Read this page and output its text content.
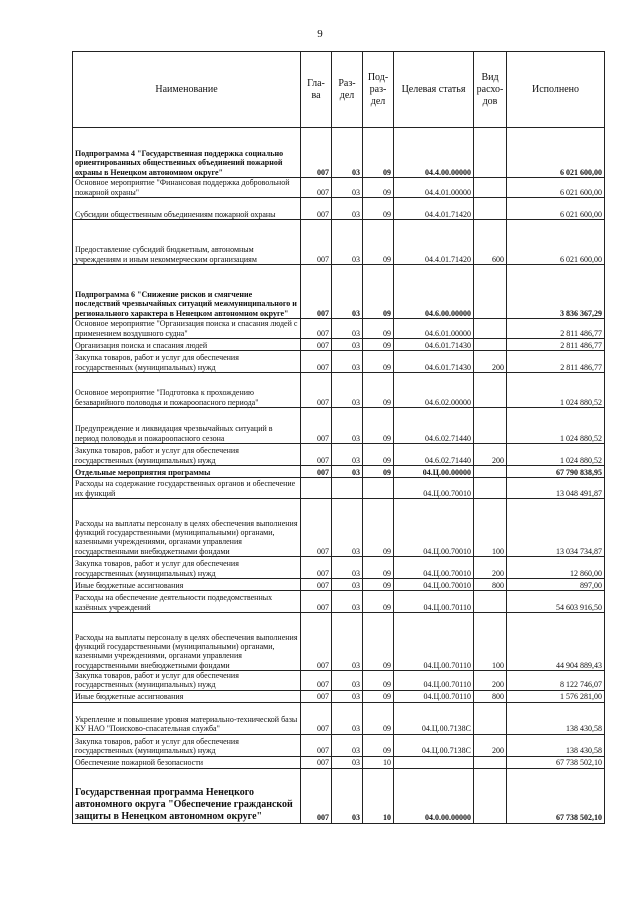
9
Наименование	Гла-ва	Раз-дел	Под-раз-дел	Целевая статья	Вид расхо-дов	Исполнено
Подпрограмма 4 "Государственная поддержка социально ориентированных общественных объединений пожарной охраны в Ненецком автономном округе"	007	03	09	04.4.00.00000		6 021 600,00
Основное мероприятие "Финансовая поддержка добровольной пожарной охраны"	007	03	09	04.4.01.00000		6 021 600,00
Субсидии общественным объединениям пожарной охраны	007	03	09	04.4.01.71420		6 021 600,00
Предоставление субсидий бюджетным, автономным учреждениям и иным некоммерческим организациям	007	03	09	04.4.01.71420	600	6 021 600,00
Подпрограмма 6 "Снижение рисков и смягчение последствий чрезвычайных ситуаций межмуниципального и регионального характера в Ненецком автономном округе"	007	03	09	04.6.00.00000		3 836 367,29
Основное мероприятие "Организация поиска и спасания людей с применением воздушного судна"	007	03	09	04.6.01.00000		2 811 486,77
Организация поиска и спасания людей	007	03	09	04.6.01.71430		2 811 486,77
Закупка товаров, работ и услуг для обеспечения государственных (муниципальных) нужд	007	03	09	04.6.01.71430	200	2 811 486,77
Основное мероприятие "Подготовка к прохождению безаварийного половодья и пожароопасного периода"	007	03	09	04.6.02.00000		1 024 880,52
Предупреждение и ликвидация чрезвычайных ситуаций в период половодья и пожароопасного сезона	007	03	09	04.6.02.71440		1 024 880,52
Закупка товаров, работ и услуг для обеспечения государственных (муниципальных) нужд	007	03	09	04.6.02.71440	200	1 024 880,52
Отдельные мероприятия программы	007	03	09	04.Ц.00.00000		67 790 838,95
Расходы на содержание государственных органов и обеспечение их функций				04.Ц.00.70010		13 048 491,87
Расходы на выплаты персоналу в целях обеспечения выполнения функций государственными (муниципальными) органами, казенными учреждениями, органами управления государственными внебюджетными фондами	007	03	09	04.Ц.00.70010	100	13 034 734,87
Закупка товаров, работ и услуг для обеспечения государственных (муниципальных) нужд	007	03	09	04.Ц.00.70010	200	12 860,00
Иные бюджетные ассигнования	007	03	09	04.Ц.00.70010	800	897,00
Расходы на обеспечение деятельности подведомственных казённых учреждений	007	03	09	04.Ц.00.70110		54 603 916,50
Расходы на выплаты персоналу в целях обеспечения выполнения функций государственными (муниципальными) органами, казенными учреждениями, органами управления государственными внебюджетными фондами	007	03	09	04.Ц.00.70110	100	44 904 889,43
Закупка товаров, работ и услуг для обеспечения государственных (муниципальных) нужд	007	03	09	04.Ц.00.70110	200	8 122 746,07
Иные бюджетные ассигнования	007	03	09	04.Ц.00.70110	800	1 576 281,00
Укрепление и повышение уровня материально-технической базы КУ НАО "Поисково-спасательная служба"	007	03	09	04.Ц.00.7138С		138 430,58
Закупка товаров, работ и услуг для обеспечения государственных (муниципальных) нужд	007	03	09	04.Ц.00.7138С	200	138 430,58
Обеспечение пожарной безопасности	007	03	10			67 738 502,10
Государственная программа Ненецкого автономного округа "Обеспечение гражданской защиты в Ненецком автономном округе"	007	03	10	04.0.00.00000		67 738 502,10
